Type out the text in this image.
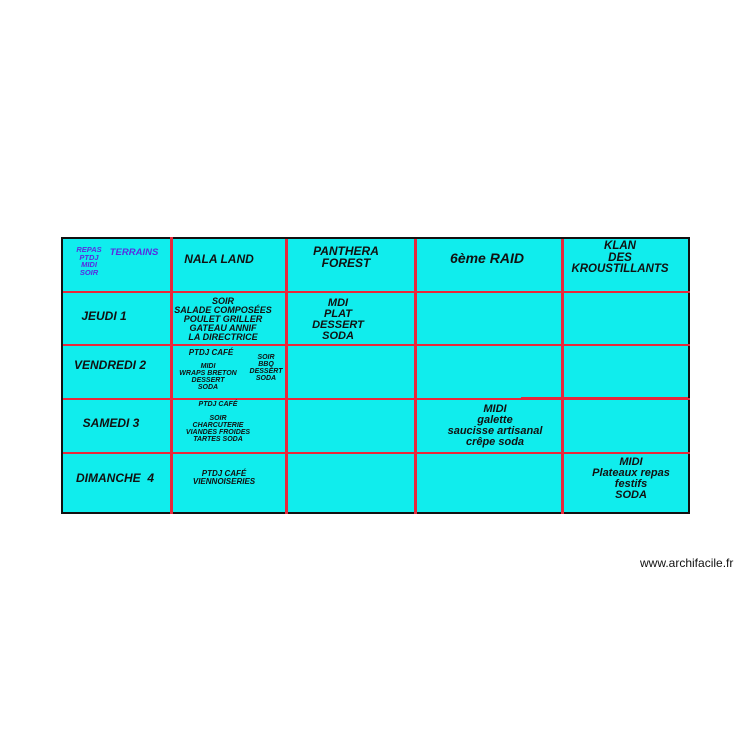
REPAS
PTDJ
MIDI
SOIR
TERRAINS NALA LAND
PANTHERA
FOREST	6ème RAID
KLAN
DES
KROUSTILLANTS
JEUDI 1
VENDREDI 2
SAMEDI 3
DIMANCHE  4
SOIR
SALADE COMPOSÉES
POULET GRILLER
GATEAU ANNIF
LA DIRECTRICE
MDI
PLAT
DESSERT
SODA
PTDJ CAFÉ
MIDI
WRAPS BRETON
DESSERT
SODA
SOIR
BBQ
DESSERT
SODA
PTDJ CAFÉ

SOIR
CHARCUTERIE
VIANDES FROIDES
TARTES SODA
MIDI
galette
saucisse artisanal
crêpe soda
PTDJ CAFÉ
VIENNOISERIES
MIDI
Plateaux repas
festifs
SODA
www.archifacile.fr
